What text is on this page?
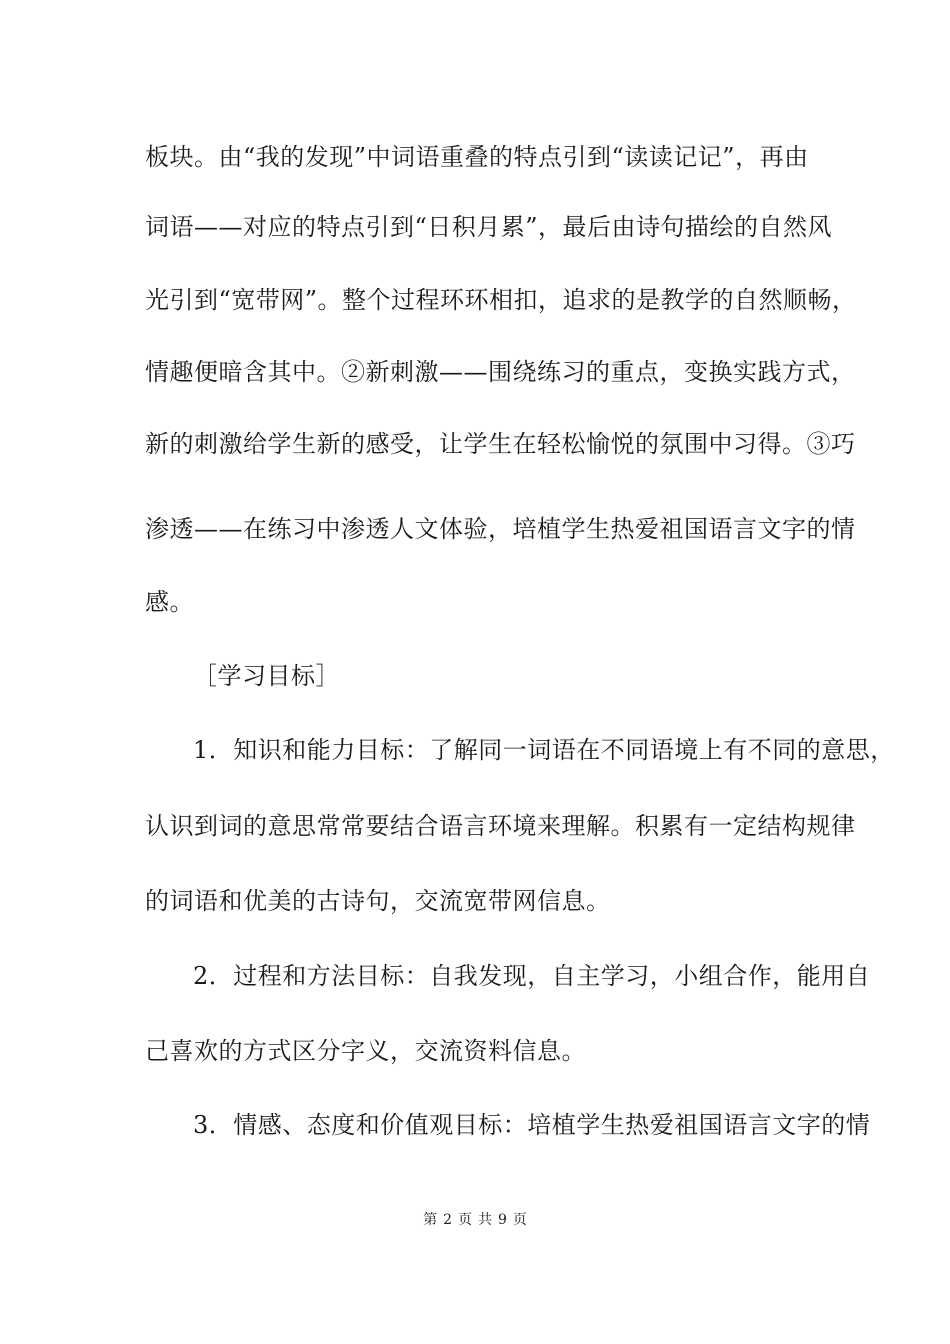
板块。由“我的发现”中词语重叠的特点引到“读读记记”，再由
词语——对应的特点引到“日积月累”，最后由诗句描绘的自然风
光引到“宽带网”。整个过程环环相扣，追求的是教学的自然顺畅，
情趣便暗含其中。②新刺激——围绕练习的重点，变换实践方式，
新的刺激给学生新的感受，让学生在轻松愉悦的氛围中习得。③巧
渗透——在练习中渗透人文体验，培植学生热爱祖国语言文字的情
感。
［学习目标］
1．知识和能力目标：了解同一词语在不同语境上有不同的意思，
认识到词的意思常常要结合语言环境来理解。积累有一定结构规律
的词语和优美的古诗句，交流宽带网信息。
2．过程和方法目标：自我发现，自主学习，小组合作，能用自
己喜欢的方式区分字义，交流资料信息。
3．情感、态度和价值观目标：培植学生热爱祖国语言文字的情
第 2 页 共 9 页
